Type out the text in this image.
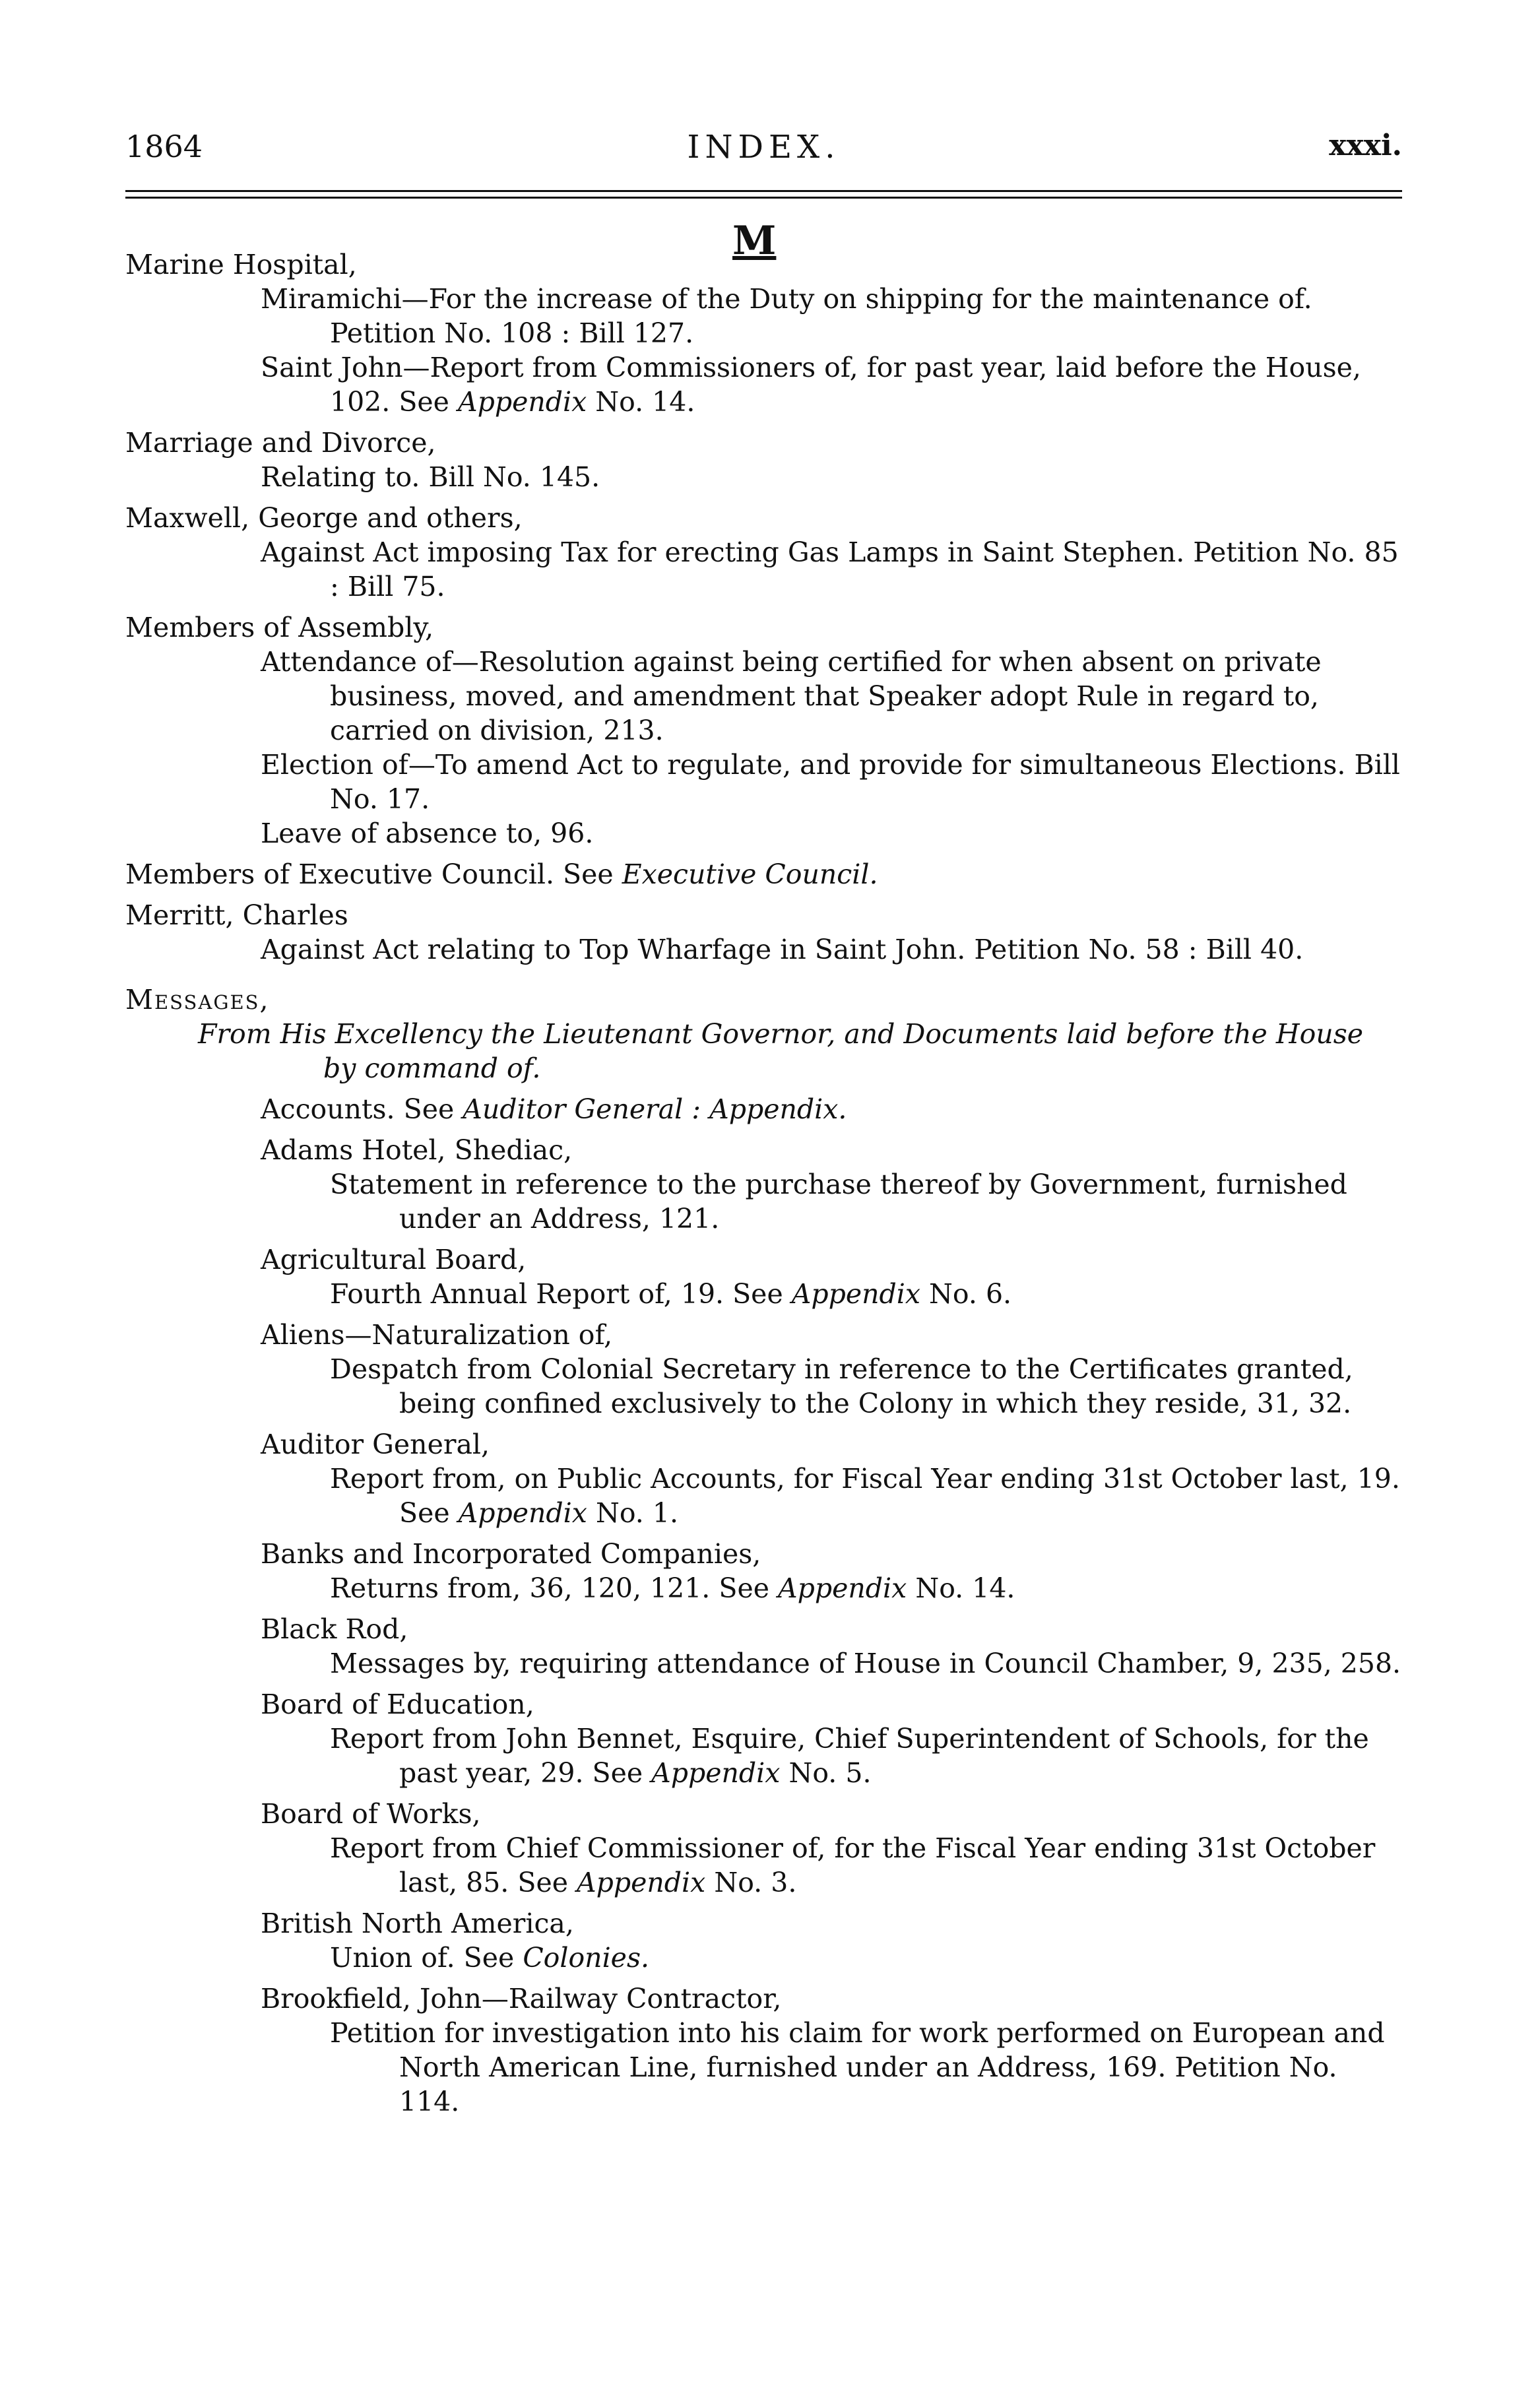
1864	INDEX.	xxxi.
M
Marine Hospital,
Miramichi—For the increase of the Duty on shipping for the maintenance of. Petition No. 108 : Bill 127.
Saint John—Report from Commissioners of, for past year, laid before the House, 102. See Appendix No. 14.
Marriage and Divorce,
Relating to. Bill No. 145.
Maxwell, George and others,
Against Act imposing Tax for erecting Gas Lamps in Saint Stephen. Petition No. 85 : Bill 75.
Members of Assembly,
Attendance of—Resolution against being certified for when absent on private business, moved, and amendment that Speaker adopt Rule in regard to, carried on division, 213.
Election of—To amend Act to regulate, and provide for simultaneous Elections. Bill No. 17.
Leave of absence to, 96.
Members of Executive Council. See Executive Council.
Merritt, Charles
Against Act relating to Top Wharfage in Saint John. Petition No. 58 : Bill 40.
Messages,
From His Excellency the Lieutenant Governor, and Documents laid before the House by command of.
Accounts. See Auditor General : Appendix.
Adams Hotel, Shediac,
Statement in reference to the purchase thereof by Government, furnished under an Address, 121.
Agricultural Board,
Fourth Annual Report of, 19. See Appendix No. 6.
Aliens—Naturalization of,
Despatch from Colonial Secretary in reference to the Certificates granted, being confined exclusively to the Colony in which they reside, 31, 32.
Auditor General,
Report from, on Public Accounts, for Fiscal Year ending 31st October last, 19. See Appendix No. 1.
Banks and Incorporated Companies,
Returns from, 36, 120, 121. See Appendix No. 14.
Black Rod,
Messages by, requiring attendance of House in Council Chamber, 9, 235, 258.
Board of Education,
Report from John Bennet, Esquire, Chief Superintendent of Schools, for the past year, 29. See Appendix No. 5.
Board of Works,
Report from Chief Commissioner of, for the Fiscal Year ending 31st October last, 85. See Appendix No. 3.
British North America,
Union of. See Colonies.
Brookfield, John—Railway Contractor,
Petition for investigation into his claim for work performed on European and North American Line, furnished under an Address, 169. Petition No. 114.
